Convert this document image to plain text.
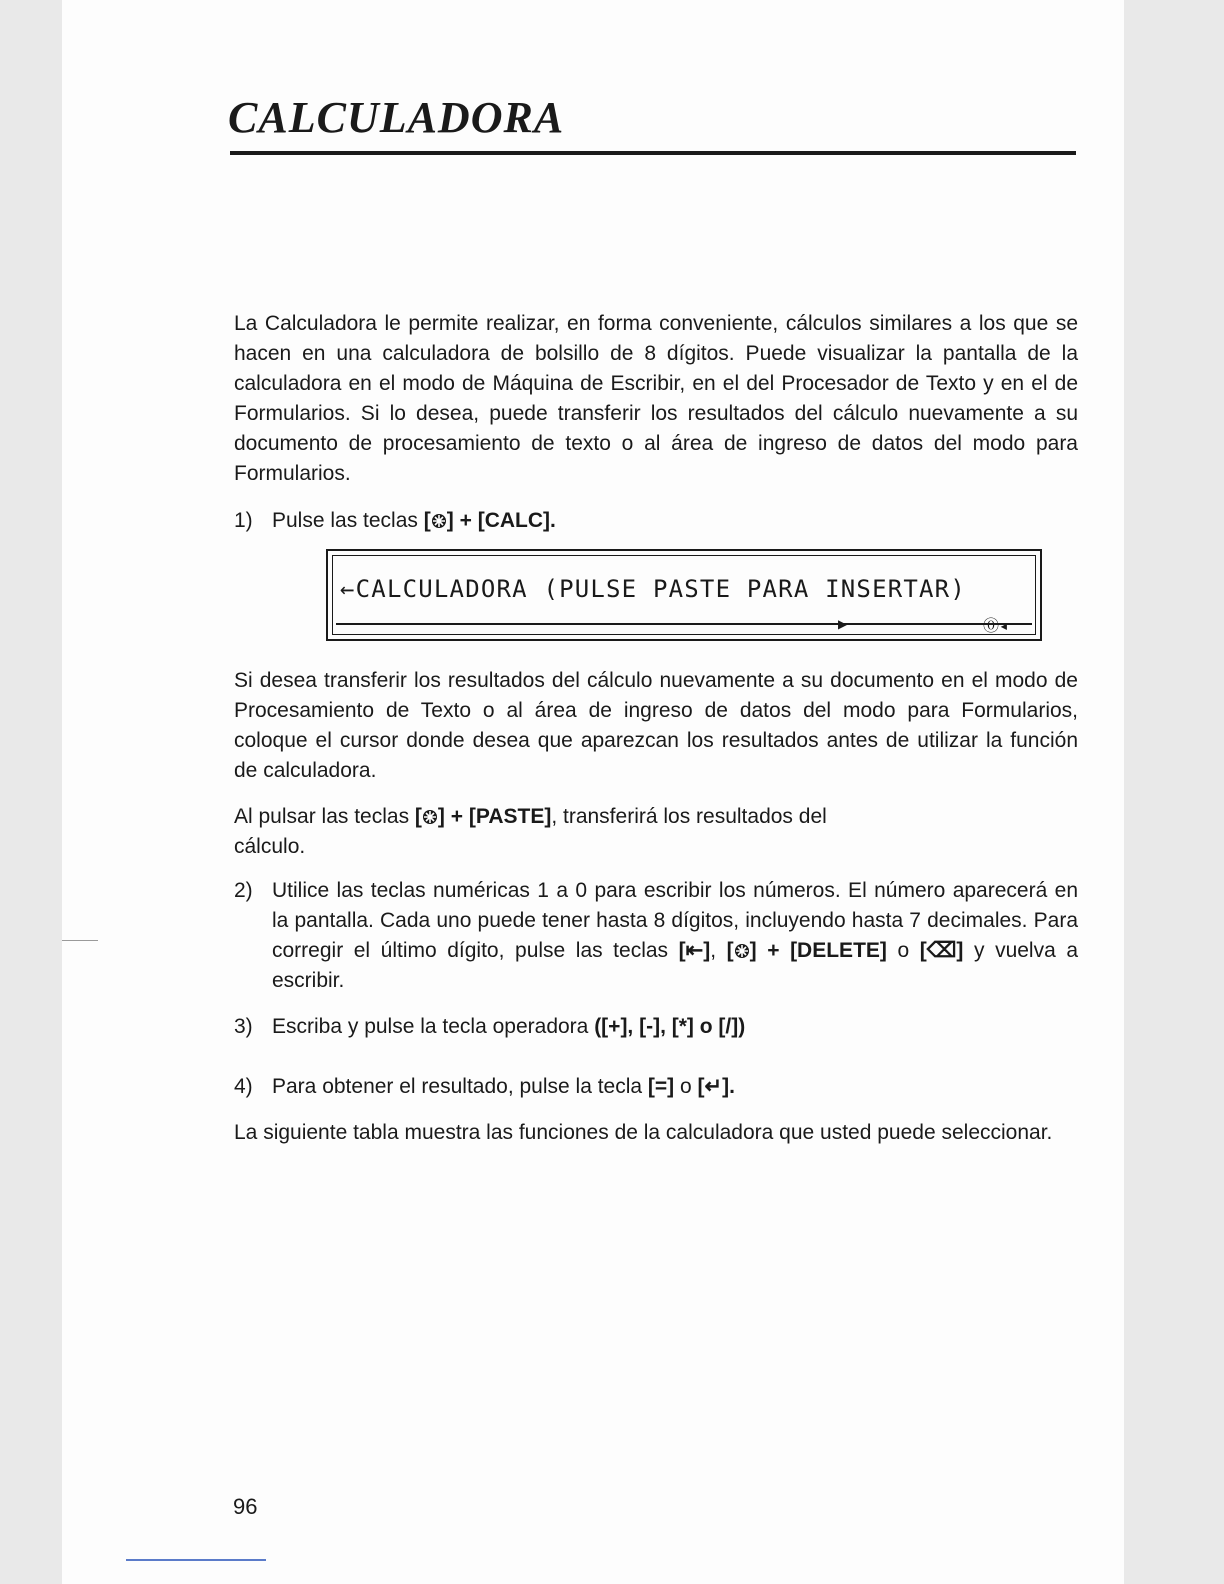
CALCULADORA

La Calculadora le permite realizar, en forma conveniente, cálculos similares a los que se hacen en una calculadora de bolsillo de 8 dígitos. Puede visualizar la pantalla de la calculadora en el modo de Máquina de Escribir, en el del Procesador de Texto y en el de Formularios. Si lo desea, puede transferir los resultados del cálculo nuevamente a su documento de procesamiento de texto o al área de ingreso de datos del modo para Formularios.

1) Pulse las teclas [ ] + [CALC].

←CALCULADORA (PULSE PASTE PARA INSERTAR)
▶	⓪◂

Si desea transferir los resultados del cálculo nuevamente a su documento en el modo de Procesamiento de Texto o al área de ingreso de datos del modo para Formularios, coloque el cursor donde desea que aparezcan los resultados antes de utilizar la función de calculadora.

Al pulsar las teclas [ ] + [PASTE], transferirá los resultados del
cálculo.

2) Utilice las teclas numéricas 1 a 0 para escribir los números. El número aparecerá en la pantalla. Cada uno puede tener hasta 8 dígitos, incluyendo hasta 7 decimales. Para corregir el último dígito, pulse las teclas [⇤], [ ] + [DELETE] o [⌫] y vuelva a escribir.

3) Escriba y pulse la tecla operadora ([+], [-], [*] o [/])

4) Para obtener el resultado, pulse la tecla [=] o [↵].

La siguiente tabla muestra las funciones de la calculadora que usted puede seleccionar.

96
